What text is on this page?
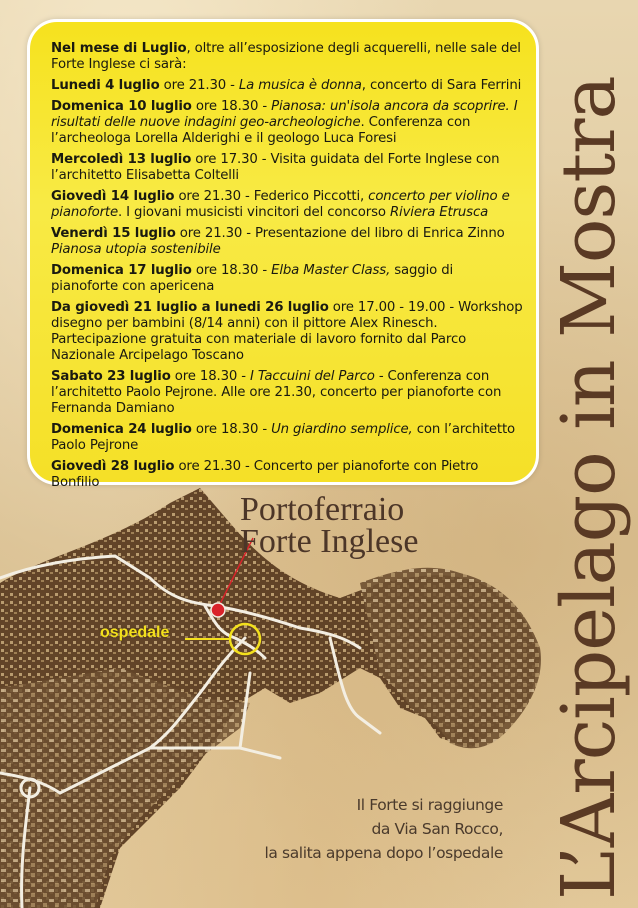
Nel mese di Luglio, oltre all’esposizione degli acquerelli, nelle sale del Forte Inglese ci sarà:

Lunedi 4 luglio ore 21.30 - La musica è donna, concerto di Sara Ferrini

Domenica 10 luglio ore 18.30 - Pianosa: un'isola ancora da scoprire. I risultati delle nuove indagini geo-archeologiche. Conferenza con l’archeologa Lorella Alderighi e il geologo Luca Foresi

Mercoledì 13 luglio ore 17.30 - Visita guidata del Forte Inglese con l’architetto Elisabetta Coltelli

Giovedì 14 luglio ore 21.30 - Federico Piccotti, concerto per violino e pianoforte. I giovani musicisti vincitori del concorso Riviera Etrusca

Venerdì 15 luglio ore 21.30 - Presentazione del libro di Enrica Zinno
Pianosa utopia sostenibile

Domenica 17 luglio ore 18.30 - Elba Master Class, saggio di pianoforte con apericena

Da giovedì 21 luglio a lunedi 26 luglio ore 17.00 - 19.00 - Workshop disegno per bambini (8/14 anni) con il pittore Alex Rinesch. Partecipazione gratuita con materiale di lavoro fornito dal Parco Nazionale Arcipelago Toscano

Sabato 23 luglio ore 18.30 - I Taccuini del Parco - Conferenza con l’architetto Paolo Pejrone. Alle ore 21.30, concerto per pianoforte con Fernanda Damiano

Domenica 24 luglio ore 18.30 - Un giardino semplice, con l’architetto Paolo Pejrone

Giovedì 28 luglio ore 21.30 - Concerto per pianoforte con Pietro Bonfilio	L’Arcipelago in Mostra
Portoferraio
Forte Inglese
ospedale
Il Forte si raggiunge
da Via San Rocco,
la salita appena dopo l’ospedale
